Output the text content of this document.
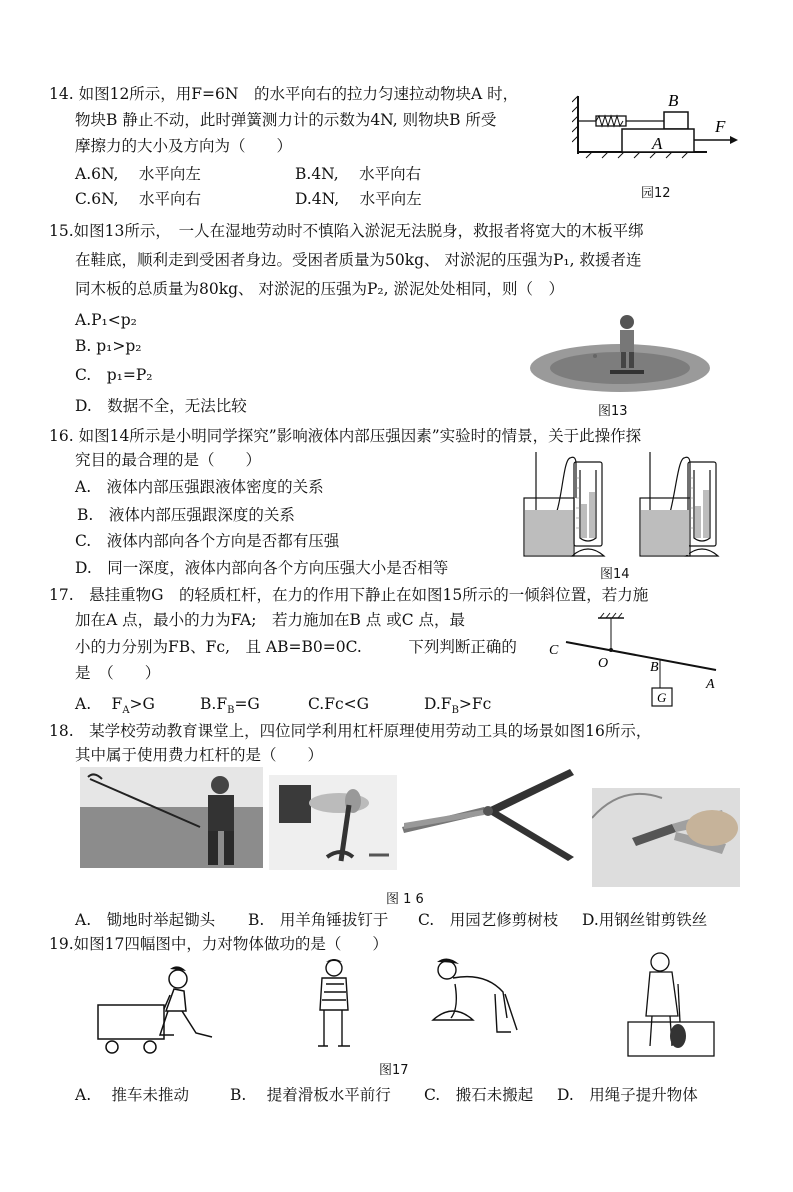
14. 如图12所示，用F=6N　的水平向右的拉力匀速拉动物块A 时，
物块B 静止不动，此时弹簧测力计的示数为4N, 则物块B 所受
摩擦力的大小及方向为（　　）
A.6N,　 水平向左	B.4N,　 水平向右
C.6N,　 水平向右	D.4N,　 水平向左
B
A
F
园12
15.如图13所示，　一人在湿地劳动时不慎陷入淤泥无法脱身，救报者将宽大的木板平绑
在鞋底，顺利走到受困者身边。受困者质量为50kg、 对淤泥的压强为P₁, 救援者连
同木板的总质量为80kg、 对淤泥的压强为P₂, 淤泥处处相同，则（　）
A.P₁<p₂
B. p₁>p₂
C.　p₁=P₂
D.　数据不全，无法比较	图13
16. 如图14所示是小明同学探究”影响液体内部压强因素”实验时的情景，关于此操作探
究目的最合理的是（　　）
A.　液体内部压强跟液体密度的关系
B.　液体内部压强跟深度的关系
C.　液体内部向各个方向是否都有压强
D.　同一深度，液体内部向各个方向压强大小是否相等	图14
17.　悬挂重物G　的轻质杠杆，在力的作用下静止在如图15所示的一倾斜位置，若力施
加在A 点，最小的力为FA;　若力施加在B 点 或C 点，最
小的力分别为FB、Fc,　且 AB=B0=0C.　　　下列判断正确的
是　（　　）
A.　 $F_A>G$	$B.F_B=G$	C.Fc<G	$D.F_B>Fc$
C
O	B
A
G
18.　某学校劳动教育课堂上，四位同学利用杠杆原理使用劳动工具的场景如图16所示，
其中属于使用费力杠杆的是（　　）
图 1 6
A.　锄地时举起锄头 B.　用羊角锤拔钉于 C.　用园艺修剪树枝 D.用钢丝钳剪铁丝
19.如图17四幅图中，力对物体做功的是（　　）
图17
A.　 推车未推动	B.　 提着滑板水平前行 C.　搬石未搬起 D.　用绳子提升物体
